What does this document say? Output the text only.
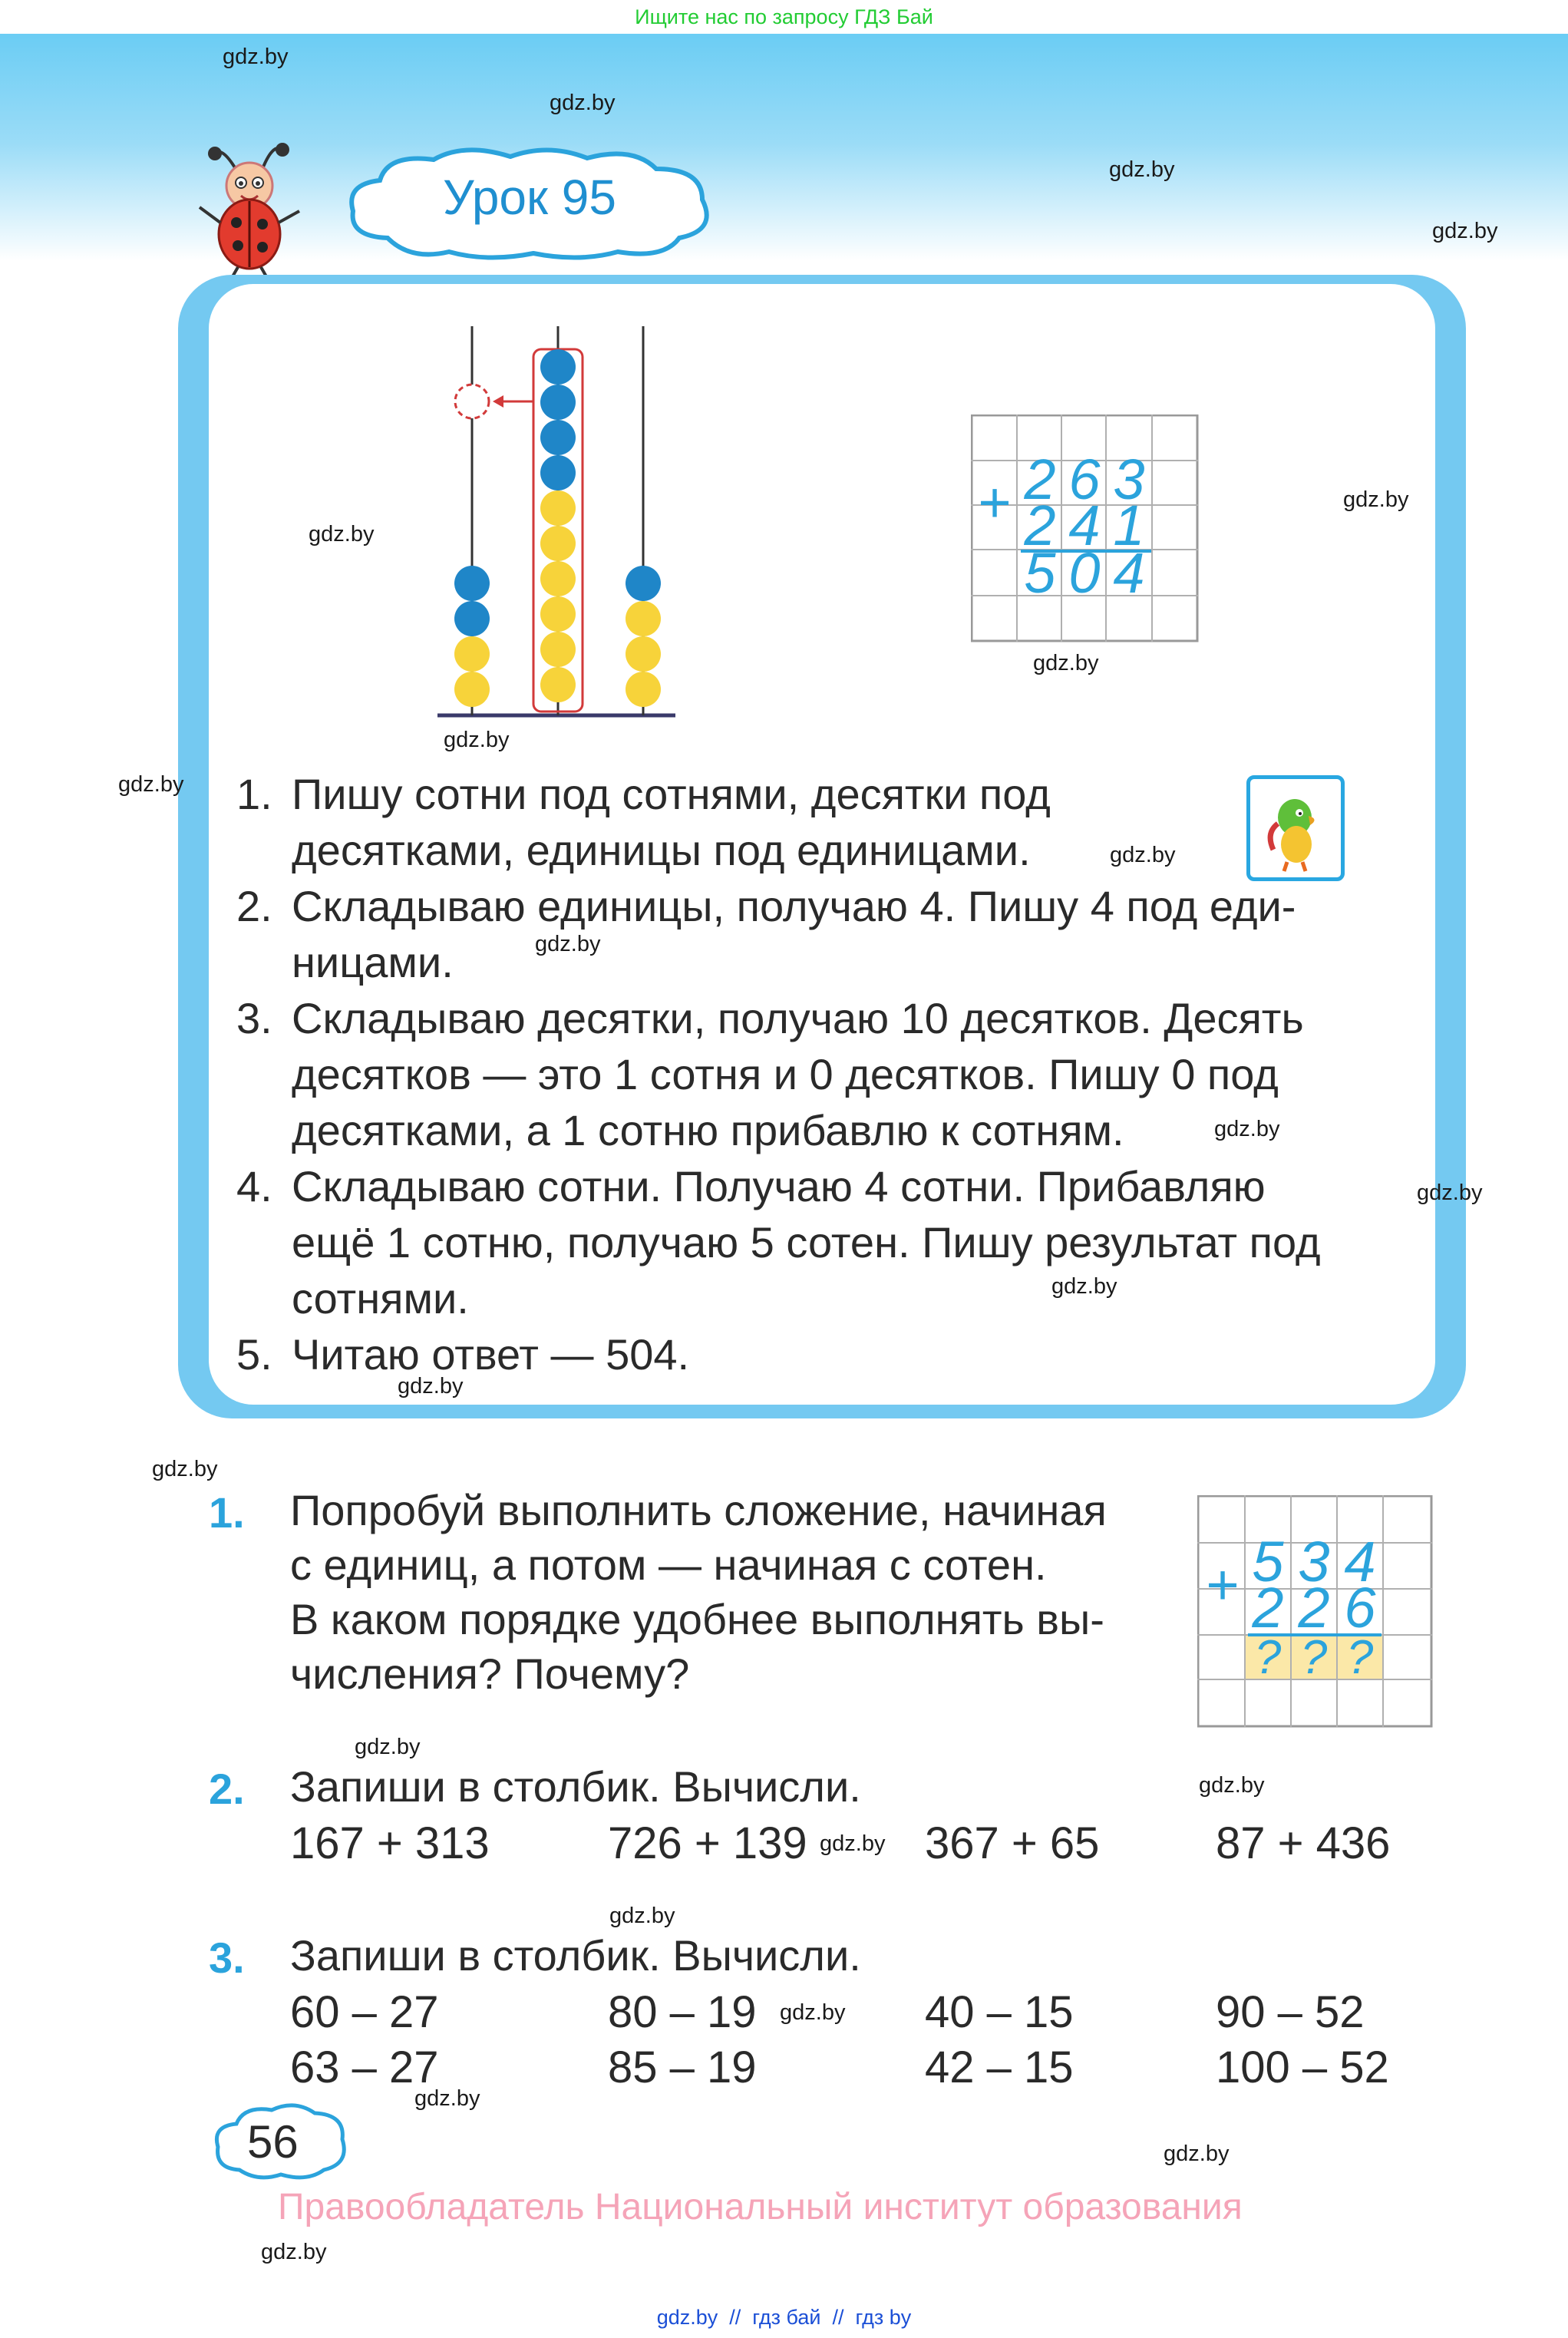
Ищите нас по запросу ГДЗ Бай
Урок 95
gdz.by
gdz.by
gdz.by
gdz.by
gdz.by
gdz.by
+ 2 6 3
2 4 1
5 0 4
gdz.by
gdz.by
1. Пишу сотни под сотнями, десятки под
десятками, единицы под единицами.
2. Складываю единицы, получаю 4. Пишу 4 под еди-
ницами.
3. Складываю десятки, получаю 10 десятков. Десять
десятков — это 1 сотня и 0 десятков. Пишу 0 под
десятками, а 1 сотню прибавлю к сотням.
4. Складываю сотни. Получаю 4 сотни. Прибавляю
ещё 1 сотню, получаю 5 сотен. Пишу результат под
сотнями.
5. Читаю ответ — 504.
gdz.by
gdz.by
gdz.by
gdz.by
gdz.by
gdz.by
gdz.by
gdz.by
1. Попробуй выполнить сложение, начиная
с единиц, а потом — начиная с сотен.
В каком порядке удобнее выполнять вы-
числения? Почему?
+ 5 3 4
2 2 6
? ? ?
gdz.by
gdz.by
2. Запиши в столбик. Вычисли.
167 + 313	726 + 139 gdz.by 367 + 65	87 + 436
gdz.by
3. Запиши в столбик. Вычисли.
60 – 27	80 – 19 gdz.by 40 – 15	90 – 52
63 – 27	85 – 19	42 – 15	100 – 52
gdz.by
56	gdz.by
Правообладатель Национальный институт образования
gdz.by
gdz.by  //  гдз бай  //  гдз by
